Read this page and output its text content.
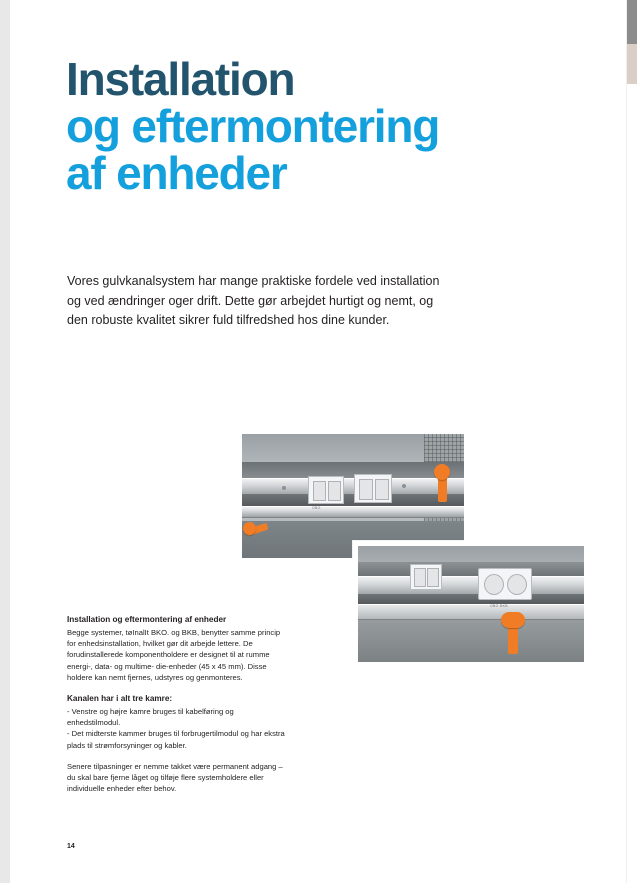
Installation
og eftermontering
af enheder
Vores gulvkanalsystem har mange praktiske fordele ved installation og ved ændringer oger drift. Dette gør arbejdet hurtigt og nemt, og den robuste kvalitet sikrer fuld tilfredshed hos dine kunder.
OBO
OBO BKB

Installation og eftermontering af enheder

Begge systemer, tøInalIt BKO. og BKB, benytter samme princip for enhedsinstallation, hvilket gør dit arbejde lettere. De forudinstallerede komponentholdere er designet til at rumme energi-, data- og multime- die-enheder (45 x 45 mm). Disse holdere kan nemt fjernes, udstyres og genmonteres.

Kanalen har i alt tre kamre:

- Venstre og højre kamre bruges til kabelføring og enhedstilmodul.
- Det midterste kammer bruges til forbrugertilmodul og har ekstra plads til strømforsyninger og kabler.

Senere tilpasninger er nemme takket være permanent adgang – du skal bare fjerne låget og tilføje flere systemholdere eller individuelle enheder efter behov.

14
